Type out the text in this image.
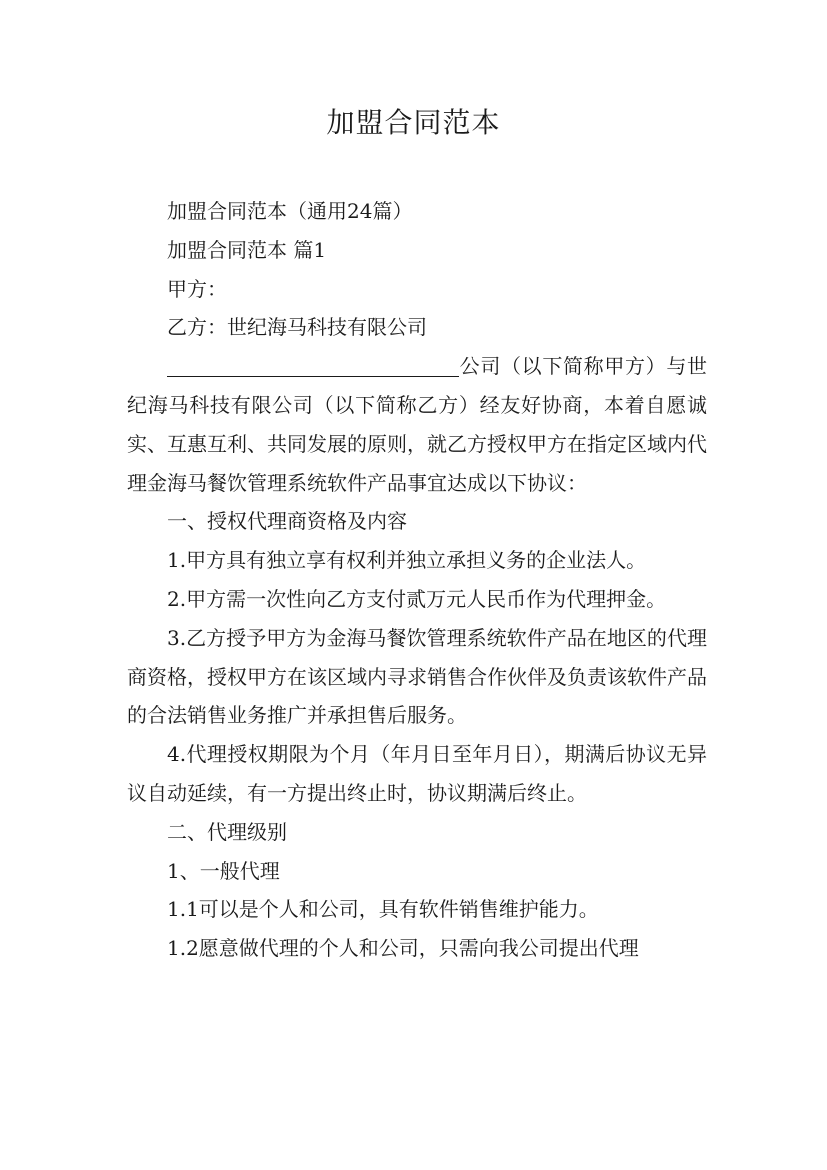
加盟合同范本

加盟合同范本（通用24篇）

加盟合同范本 篇1

甲方：

乙方：世纪海马科技有限公司

公司（以下简称甲方）与世纪海马科技有限公司（以下简称乙方）经友好协商，本着自愿诚实、互惠互利、共同发展的原则，就乙方授权甲方在指定区域内代理金海马餐饮管理系统软件产品事宜达成以下协议：

一、授权代理商资格及内容

1.甲方具有独立享有权利并独立承担义务的企业法人。

2.甲方需一次性向乙方支付贰万元人民币作为代理押金。

3.乙方授予甲方为金海马餐饮管理系统软件产品在地区的代理商资格，授权甲方在该区域内寻求销售合作伙伴及负责该软件产品的合法销售业务推广并承担售后服务。

4.代理授权期限为个月（年月日至年月日），期满后协议无异议自动延续，有一方提出终止时，协议期满后终止。

二、代理级别

1、一般代理

1.1可以是个人和公司，具有软件销售维护能力。

1.2愿意做代理的个人和公司，只需向我公司提出代理
